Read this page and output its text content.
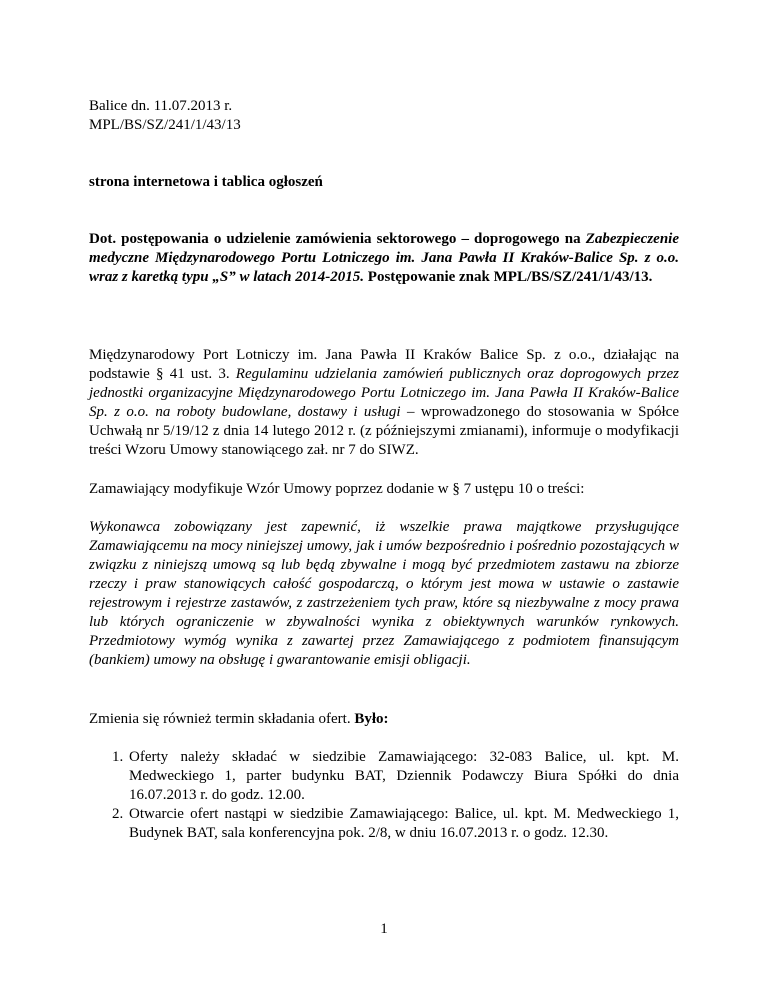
Balice dn. 11.07.2013 r.
MPL/BS/SZ/241/1/43/13
strona internetowa i tablica ogłoszeń
Dot. postępowania o udzielenie zamówienia sektorowego – doprogowego na Zabezpieczenie medyczne Międzynarodowego Portu Lotniczego im. Jana Pawła II Kraków-Balice Sp. z o.o. wraz z karetką typu „S” w latach 2014-2015. Postępowanie znak MPL/BS/SZ/241/1/43/13.
Międzynarodowy Port Lotniczy im. Jana Pawła II Kraków Balice Sp. z o.o., działając na podstawie § 41 ust. 3. Regulaminu udzielania zamówień publicznych oraz doprogowych przez jednostki organizacyjne Międzynarodowego Portu Lotniczego im. Jana Pawła II Kraków-Balice Sp. z o.o. na roboty budowlane, dostawy i usługi – wprowadzonego do stosowania w Spółce Uchwałą nr 5/19/12 z dnia 14 lutego 2012 r. (z późniejszymi zmianami), informuje o modyfikacji treści Wzoru Umowy stanowiącego zał. nr 7 do SIWZ.
Zamawiający modyfikuje Wzór Umowy poprzez dodanie w § 7 ustępu 10 o treści:
Wykonawca zobowiązany jest zapewnić, iż wszelkie prawa majątkowe przysługujące Zamawiającemu na mocy niniejszej umowy, jak i umów bezpośrednio i pośrednio pozostających w związku z niniejszą umową są lub będą zbywalne i mogą być przedmiotem zastawu na zbiorze rzeczy i praw stanowiących całość gospodarczą, o którym jest mowa w ustawie o zastawie rejestrowym i rejestrze zastawów, z zastrzeżeniem tych praw, które są niezbywalne z mocy prawa lub których ograniczenie w zbywalności wynika z obiektywnych warunków rynkowych. Przedmiotowy wymóg wynika z zawartej przez Zamawiającego z podmiotem finansującym (bankiem) umowy na obsługę i gwarantowanie emisji obligacji.
Zmienia się również termin składania ofert. Było:
1. Oferty należy składać w siedzibie Zamawiającego: 32-083 Balice, ul. kpt. M. Medweckiego 1, parter budynku BAT, Dziennik Podawczy Biura Spółki do dnia 16.07.2013 r. do godz. 12.00.
2. Otwarcie ofert nastąpi w siedzibie Zamawiającego: Balice, ul. kpt. M. Medweckiego 1, Budynek BAT, sala konferencyjna pok. 2/8, w dniu 16.07.2013 r. o godz. 12.30.
1
